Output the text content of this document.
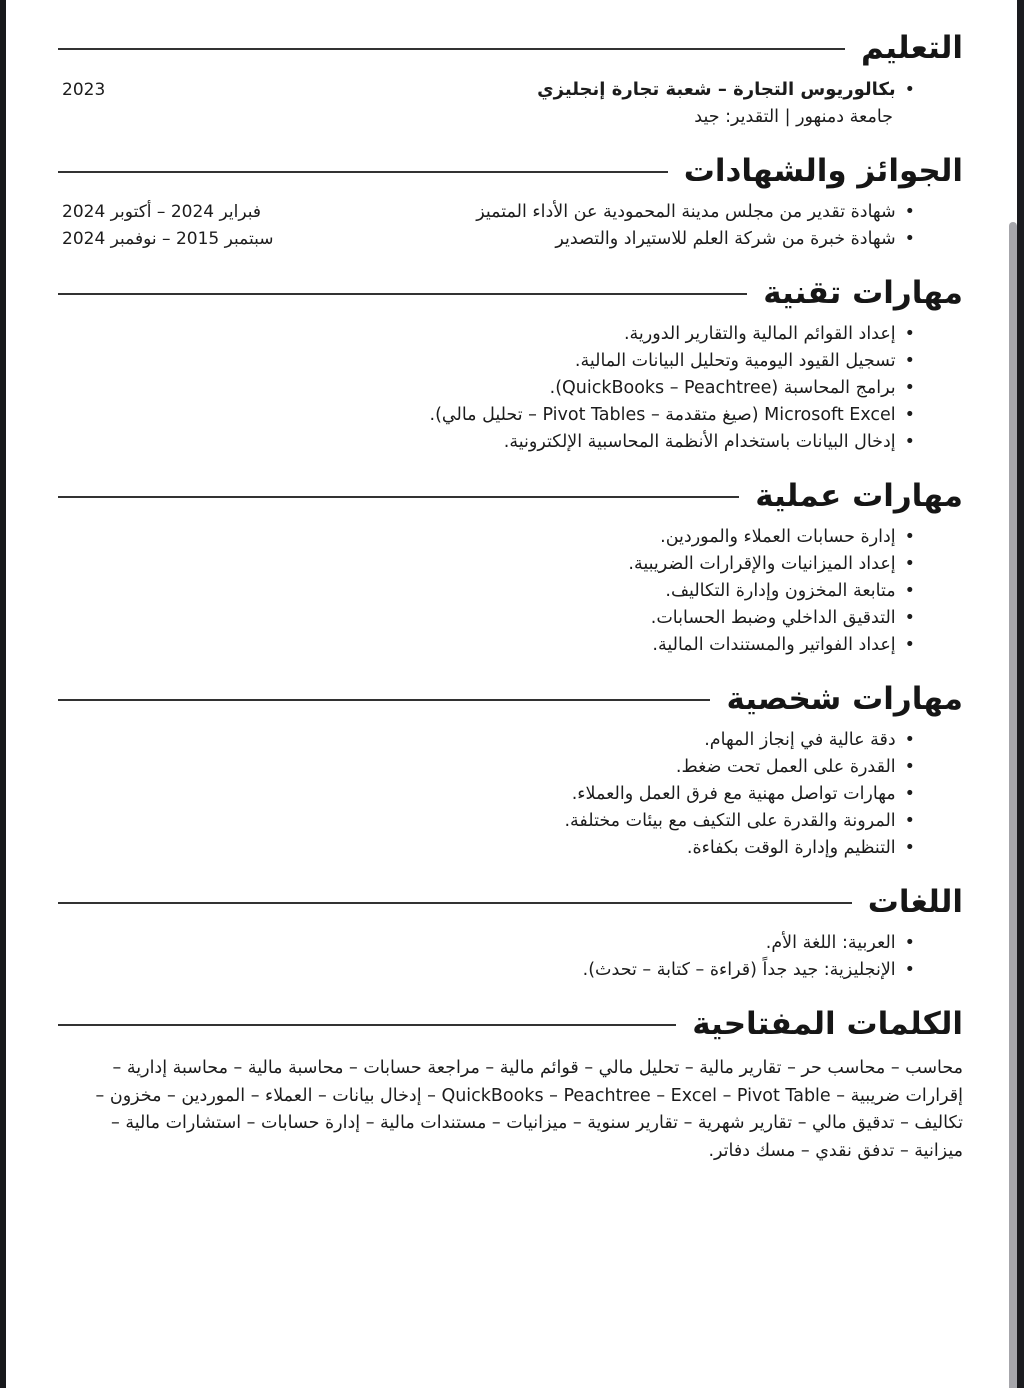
التعليم
•
بكالوريوس التجارة – شعبة تجارة إنجليزي
2023
جامعة دمنهور | التقدير: جيد
الجوائز والشهادات
•
شهادة تقدير من مجلس مدينة المحمودية عن الأداء المتميز
فبراير 2024 – أكتوبر 2024
•
شهادة خبرة من شركة العلم للاستيراد والتصدير
سبتمبر 2015 – نوفمبر 2024
مهارات تقنية
•
إعداد القوائم المالية والتقارير الدورية.
•
تسجيل القيود اليومية وتحليل البيانات المالية.
•
برامج المحاسبة (QuickBooks – Peachtree).
•
Microsoft Excel (صيغ متقدمة – Pivot Tables – تحليل مالي).
•
إدخال البيانات باستخدام الأنظمة المحاسبية الإلكترونية.
مهارات عملية
•
إدارة حسابات العملاء والموردين.
•
إعداد الميزانيات والإقرارات الضريبية.
•
متابعة المخزون وإدارة التكاليف.
•
التدقيق الداخلي وضبط الحسابات.
•
إعداد الفواتير والمستندات المالية.
مهارات شخصية
•
دقة عالية في إنجاز المهام.
•
القدرة على العمل تحت ضغط.
•
مهارات تواصل مهنية مع فرق العمل والعملاء.
•
المرونة والقدرة على التكيف مع بيئات مختلفة.
•
التنظيم وإدارة الوقت بكفاءة.
اللغات
•
العربية: اللغة الأم.
•
الإنجليزية: جيد جداً (قراءة – كتابة – تحدث).
الكلمات المفتاحية

محاسب – محاسب حر – تقارير مالية – تحليل مالي – قوائم مالية – مراجعة حسابات – محاسبة مالية – محاسبة إدارية – إقرارات ضريبية – QuickBooks – Peachtree – Excel – Pivot Table – إدخال بيانات – العملاء – الموردين – مخزون – تكاليف – تدقيق مالي – تقارير شهرية – تقارير سنوية – ميزانيات – مستندات مالية – إدارة حسابات – استشارات مالية – ميزانية – تدفق نقدي – مسك دفاتر.
